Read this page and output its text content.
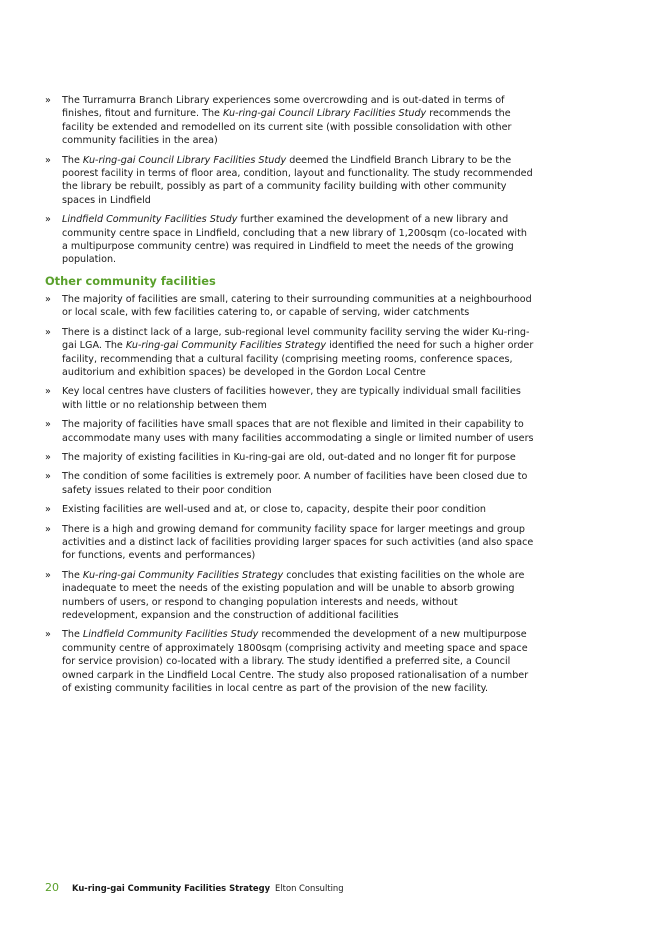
» The Turramurra Branch Library experiences some overcrowding and is out-dated in terms of finishes, fitout and furniture. The Ku-ring-gai Council Library Facilities Study recommends the facility be extended and remodelled on its current site (with possible consolidation with other community facilities in the area)
» The Ku-ring-gai Council Library Facilities Study deemed the Lindfield Branch Library to be the poorest facility in terms of floor area, condition, layout and functionality. The study recommended the library be rebuilt, possibly as part of a community facility building with other community spaces in Lindfield
» Lindfield Community Facilities Study further examined the development of a new library and community centre space in Lindfield, concluding that a new library of 1,200sqm (co-located with a multipurpose community centre) was required in Lindfield to meet the needs of the growing population.
Other community facilities
» The majority of facilities are small, catering to their surrounding communities at a neighbourhood or local scale, with few facilities catering to, or capable of serving, wider catchments
» There is a distinct lack of a large, sub-regional level community facility serving the wider Ku-ring-gai LGA. The Ku-ring-gai Community Facilities Strategy identified the need for such a higher order facility, recommending that a cultural facility (comprising meeting rooms, conference spaces, auditorium and exhibition spaces) be developed in the Gordon Local Centre
» Key local centres have clusters of facilities however, they are typically individual small facilities with little or no relationship between them
» The majority of facilities have small spaces that are not flexible and limited in their capability to accommodate many uses with many facilities accommodating a single or limited number of users
» The majority of existing facilities in Ku-ring-gai are old, out-dated and no longer fit for purpose
» The condition of some facilities is extremely poor. A number of facilities have been closed due to safety issues related to their poor condition
» Existing facilities are well-used and at, or close to, capacity, despite their poor condition
» There is a high and growing demand for community facility space for larger meetings and group activities and a distinct lack of facilities providing larger spaces for such activities (and also space for functions, events and performances)
» The Ku-ring-gai Community Facilities Strategy concludes that existing facilities on the whole are inadequate to meet the needs of the existing population and will be unable to absorb growing numbers of users, or respond to changing population interests and needs, without redevelopment, expansion and the construction of additional facilities
» The Lindfield Community Facilities Study recommended the development of a new multipurpose community centre of approximately 1800sqm (comprising activity and meeting space and space for service provision) co-located with a library. The study identified a preferred site, a Council owned carpark in the Lindfield Local Centre. The study also proposed rationalisation of a number of existing community facilities in local centre as part of the provision of the new facility.
20 Ku-ring-gai Community Facilities Strategy Elton Consulting
